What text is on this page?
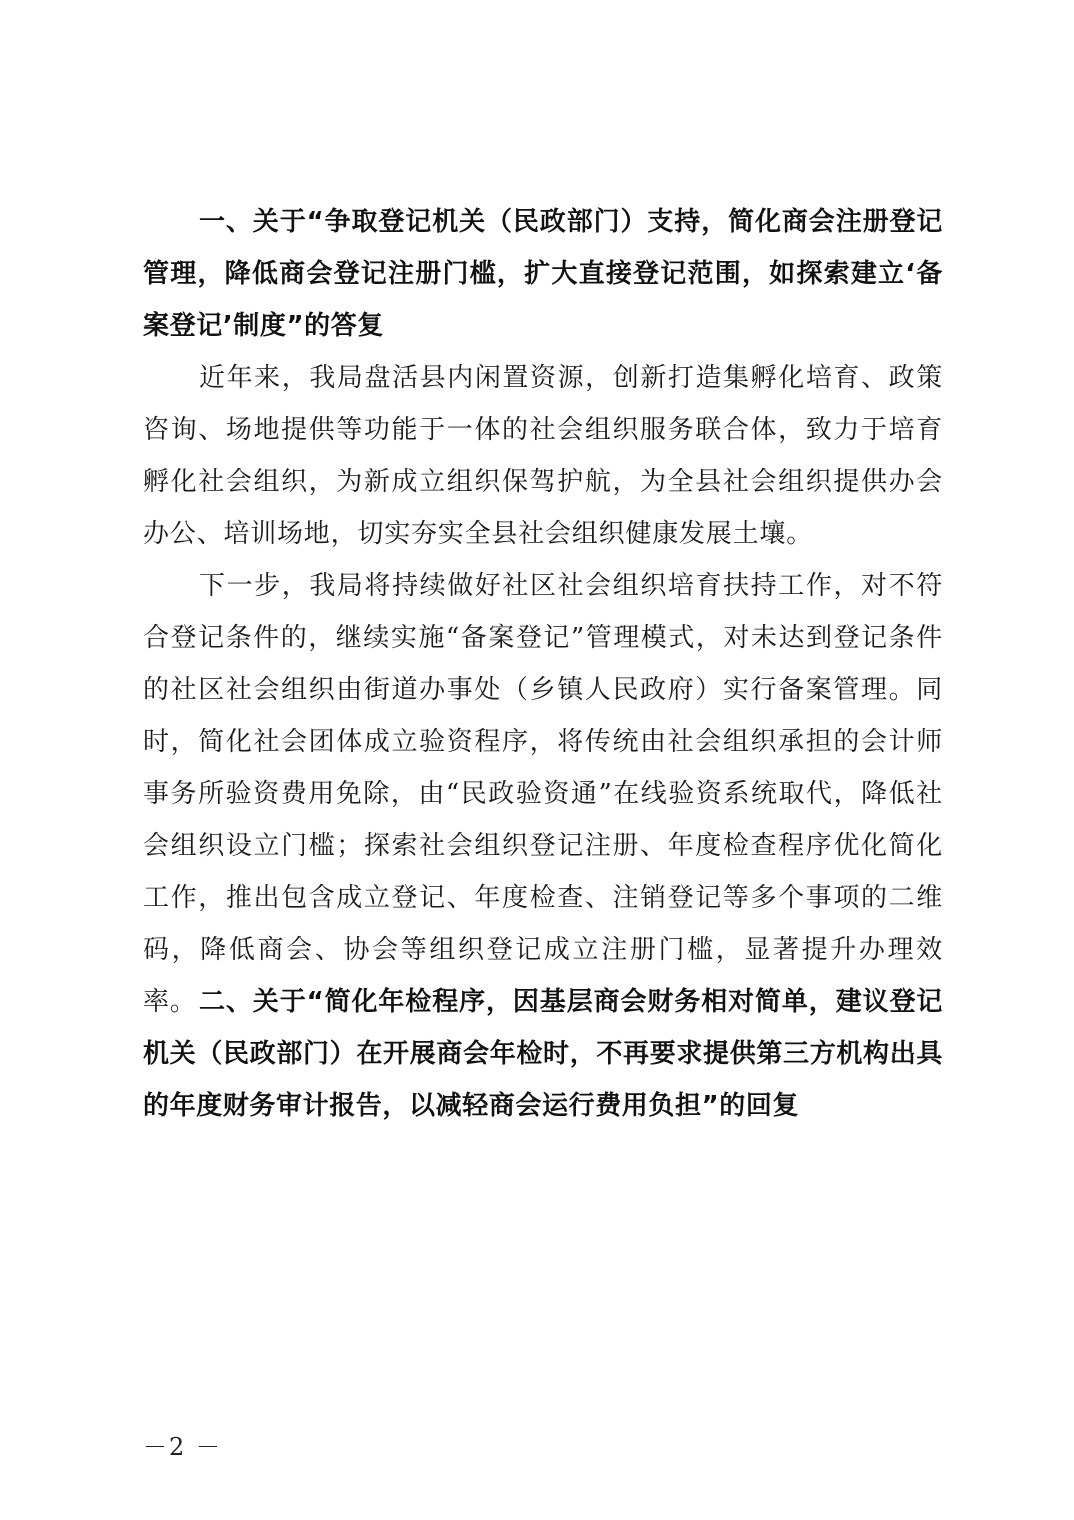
一、关于“争取登记机关（民政部门）支持，简化商会注册登记管理，降低商会登记注册门槛，扩大直接登记范围，如探索建立‘备案登记’制度”的答复

近年来，我局盘活县内闲置资源，创新打造集孵化培育、政策咨询、场地提供等功能于一体的社会组织服务联合体，致力于培育孵化社会组织，为新成立组织保驾护航，为全县社会组织提供办会办公、培训场地，切实夯实全县社会组织健康发展土壤。

下一步，我局将持续做好社区社会组织培育扶持工作，对不符合登记条件的，继续实施“备案登记”管理模式，对未达到登记条件的社区社会组织由街道办事处（乡镇人民政府）实行备案管理。同时，简化社会团体成立验资程序，将传统由社会组织承担的会计师事务所验资费用免除，由“民政验资通”在线验资系统取代，降低社会组织设立门槛；探索社会组织登记注册、年度检查程序优化简化工作，推出包含成立登记、年度检查、注销登记等多个事项的二维码，降低商会、协会等组织登记成立注册门槛，显著提升办理效率。 二、关于“简化年检程序，因基层商会财务相对简单，建议登记机关（民政部门）在开展商会年检时，不再要求提供第三方机构出具的年度财务审计报告，以减轻商会运行费用负担”的回复

－2 －
